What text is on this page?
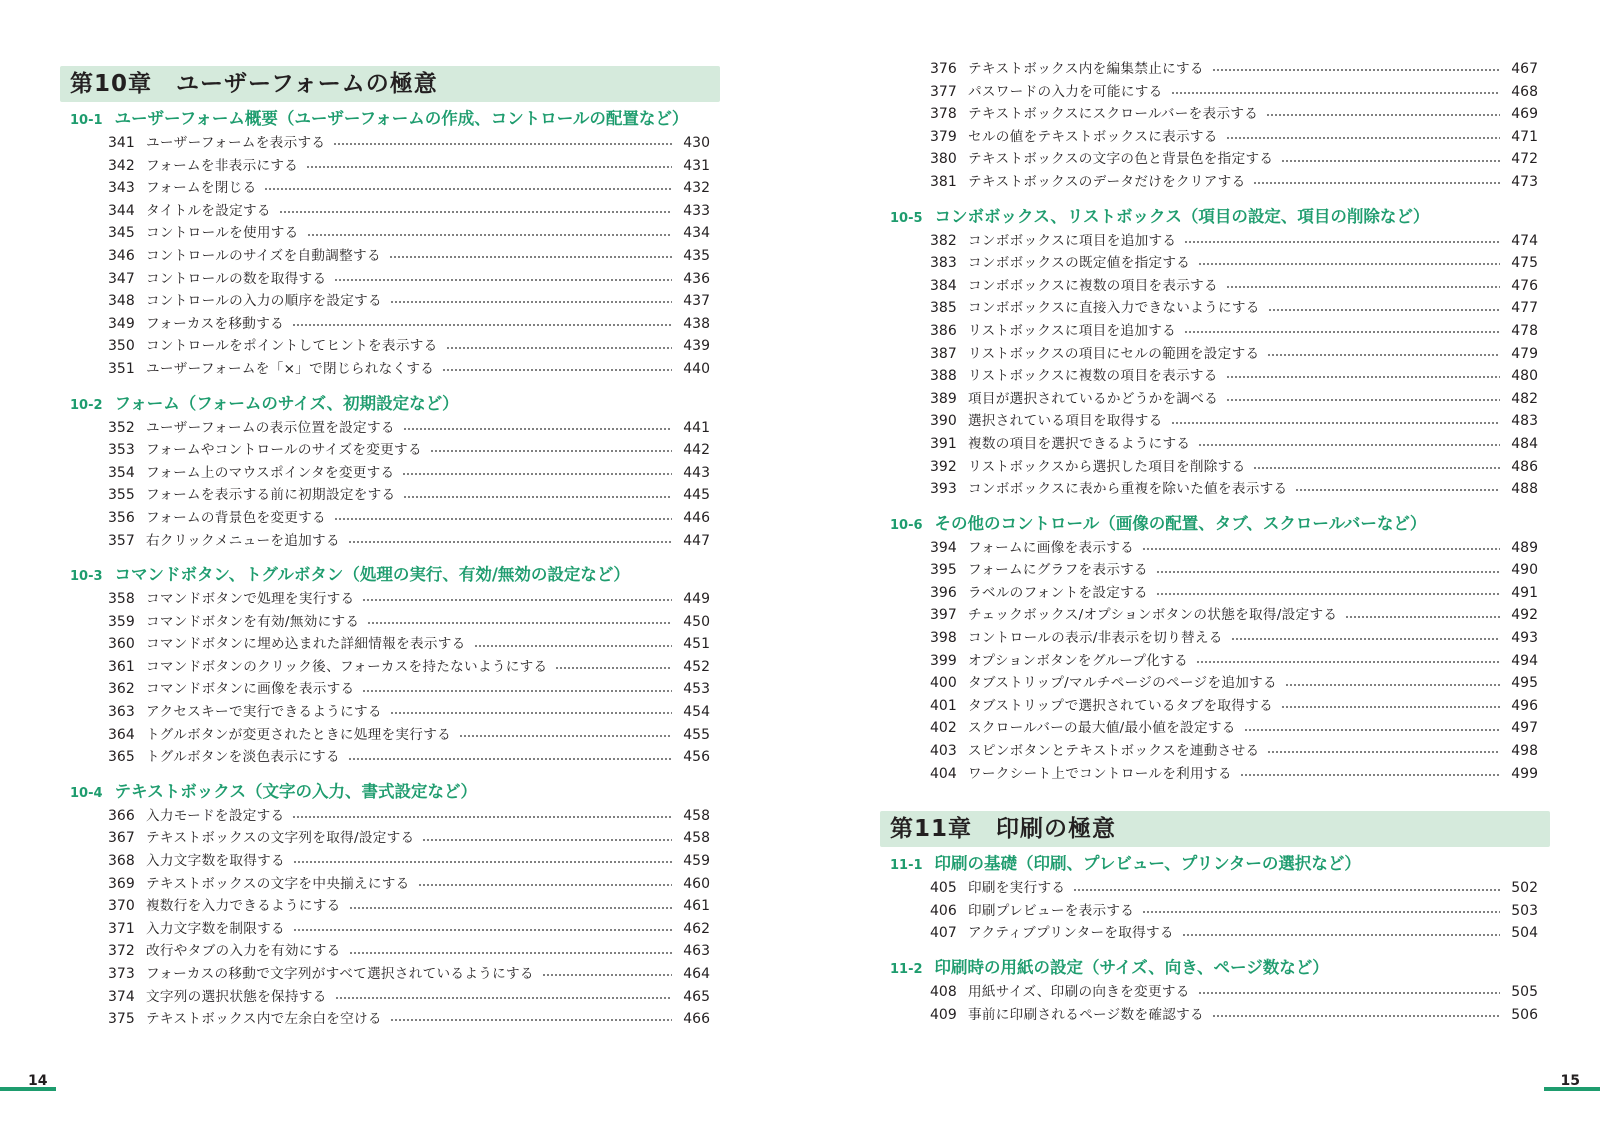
第10章　ユーザーフォームの極意
10-1 ユーザーフォーム概要（ユーザーフォームの作成、コントロールの配置など）
341 ユーザーフォームを表示する	430
342 フォームを非表示にする	431
343 フォームを閉じる	432
344 タイトルを設定する	433
345 コントロールを使用する	434
346 コントロールのサイズを自動調整する	435
347 コントロールの数を取得する	436
348 コントロールの入力の順序を設定する	437
349 フォーカスを移動する	438
350 コントロールをポイントしてヒントを表示する	439
351 ユーザーフォームを「×」で閉じられなくする	440
10-2 フォーム（フォームのサイズ、初期設定など）
352 ユーザーフォームの表示位置を設定する	441
353 フォームやコントロールのサイズを変更する	442
354 フォーム上のマウスポインタを変更する	443
355 フォームを表示する前に初期設定をする	445
356 フォームの背景色を変更する	446
357 右クリックメニューを追加する	447
10-3 コマンドボタン、トグルボタン（処理の実行、有効/無効の設定など）
358 コマンドボタンで処理を実行する	449
359 コマンドボタンを有効/無効にする	450
360 コマンドボタンに埋め込まれた詳細情報を表示する	451
361 コマンドボタンのクリック後、フォーカスを持たないようにする	452
362 コマンドボタンに画像を表示する	453
363 アクセスキーで実行できるようにする	454
364 トグルボタンが変更されたときに処理を実行する	455
365 トグルボタンを淡色表示にする	456
10-4 テキストボックス（文字の入力、書式設定など）
366 入力モードを設定する	458
367 テキストボックスの文字列を取得/設定する	458
368 入力文字数を取得する	459
369 テキストボックスの文字を中央揃えにする	460
370 複数行を入力できるようにする	461
371 入力文字数を制限する	462
372 改行やタブの入力を有効にする	463
373 フォーカスの移動で文字列がすべて選択されているようにする	464
374 文字列の選択状態を保持する	465
375 テキストボックス内で左余白を空ける	466
14
376 テキストボックス内を編集禁止にする	467
377 パスワードの入力を可能にする	468
378 テキストボックスにスクロールバーを表示する	469
379 セルの値をテキストボックスに表示する	471
380 テキストボックスの文字の色と背景色を指定する	472
381 テキストボックスのデータだけをクリアする	473
10-5 コンボボックス、リストボックス（項目の設定、項目の削除など）
382 コンボボックスに項目を追加する	474
383 コンボボックスの既定値を指定する	475
384 コンボボックスに複数の項目を表示する	476
385 コンボボックスに直接入力できないようにする	477
386 リストボックスに項目を追加する	478
387 リストボックスの項目にセルの範囲を設定する	479
388 リストボックスに複数の項目を表示する	480
389 項目が選択されているかどうかを調べる	482
390 選択されている項目を取得する	483
391 複数の項目を選択できるようにする	484
392 リストボックスから選択した項目を削除する	486
393 コンボボックスに表から重複を除いた値を表示する	488
10-6 その他のコントロール（画像の配置、タブ、スクロールバーなど）
394 フォームに画像を表示する	489
395 フォームにグラフを表示する	490
396 ラベルのフォントを設定する	491
397 チェックボックス/オプションボタンの状態を取得/設定する	492
398 コントロールの表示/非表示を切り替える	493
399 オプションボタンをグループ化する	494
400 タブストリップ/マルチページのページを追加する	495
401 タブストリップで選択されているタブを取得する	496
402 スクロールバーの最大値/最小値を設定する	497
403 スピンボタンとテキストボックスを連動させる	498
404 ワークシート上でコントロールを利用する	499
第11章　印刷の極意
11-1 印刷の基礎（印刷、プレビュー、プリンターの選択など）
405 印刷を実行する	502
406 印刷プレビューを表示する	503
407 アクティブプリンターを取得する	504
11-2 印刷時の用紙の設定（サイズ、向き、ページ数など）
408 用紙サイズ、印刷の向きを変更する	505
409 事前に印刷されるページ数を確認する	506
15
